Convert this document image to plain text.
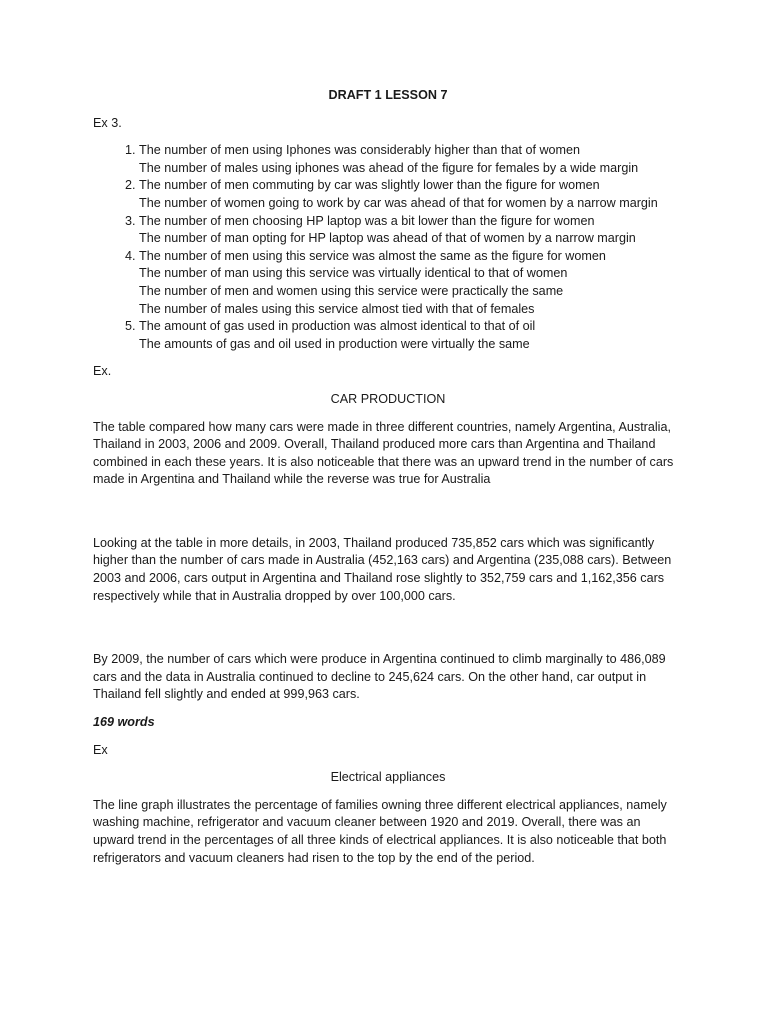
DRAFT 1 LESSON 7

Ex 3.

1. The number of men using Iphones was considerably higher than that of women
The number of males using iphones was ahead of the figure for females by a wide margin
2. The number of men commuting by car was slightly lower than the figure for women
The number of women going to work by car was ahead of that for women by a narrow margin
3. The number of men choosing HP laptop was a bit lower than the figure for women
The number of man opting for HP laptop was ahead of that of women by a narrow margin
4. The number of men using this service was almost the same as the figure for women
The number of man using this service was virtually identical to that of women
The number of men and women using this service were practically the same
The number of males using this service almost tied with that of females
5. The amount of gas used in production was almost identical to that of oil
The amounts of gas and oil used in production were virtually the same

Ex.

CAR PRODUCTION

The table compared how many cars were made in three different countries, namely Argentina, Australia, Thailand in 2003, 2006 and 2009. Overall, Thailand produced more cars than Argentina and Thailand combined in each these years. It is also noticeable that there was an upward trend in the number of cars made in Argentina and Thailand while the reverse was true for Australia

Looking at the table in more details, in 2003, Thailand produced 735,852 cars which was significantly higher than the number of cars made in Australia (452,163 cars) and Argentina (235,088 cars). Between 2003 and 2006, cars output in Argentina and Thailand rose slightly to 352,759 cars and 1,162,356 cars respectively while that in Australia dropped by over 100,000 cars.

By 2009, the number of cars which were produce in Argentina continued to climb marginally to 486,089 cars and the data in Australia continued to decline to 245,624 cars. On the other hand, car output in Thailand fell slightly and ended at 999,963 cars.

169 words

Ex

Electrical appliances

The line graph illustrates the percentage of families owning three different electrical appliances, namely washing machine, refrigerator and vacuum cleaner between 1920 and 2019. Overall, there was an upward trend in the percentages of all three kinds of electrical appliances. It is also noticeable that both refrigerators and vacuum cleaners had risen to the top by the end of the period.
